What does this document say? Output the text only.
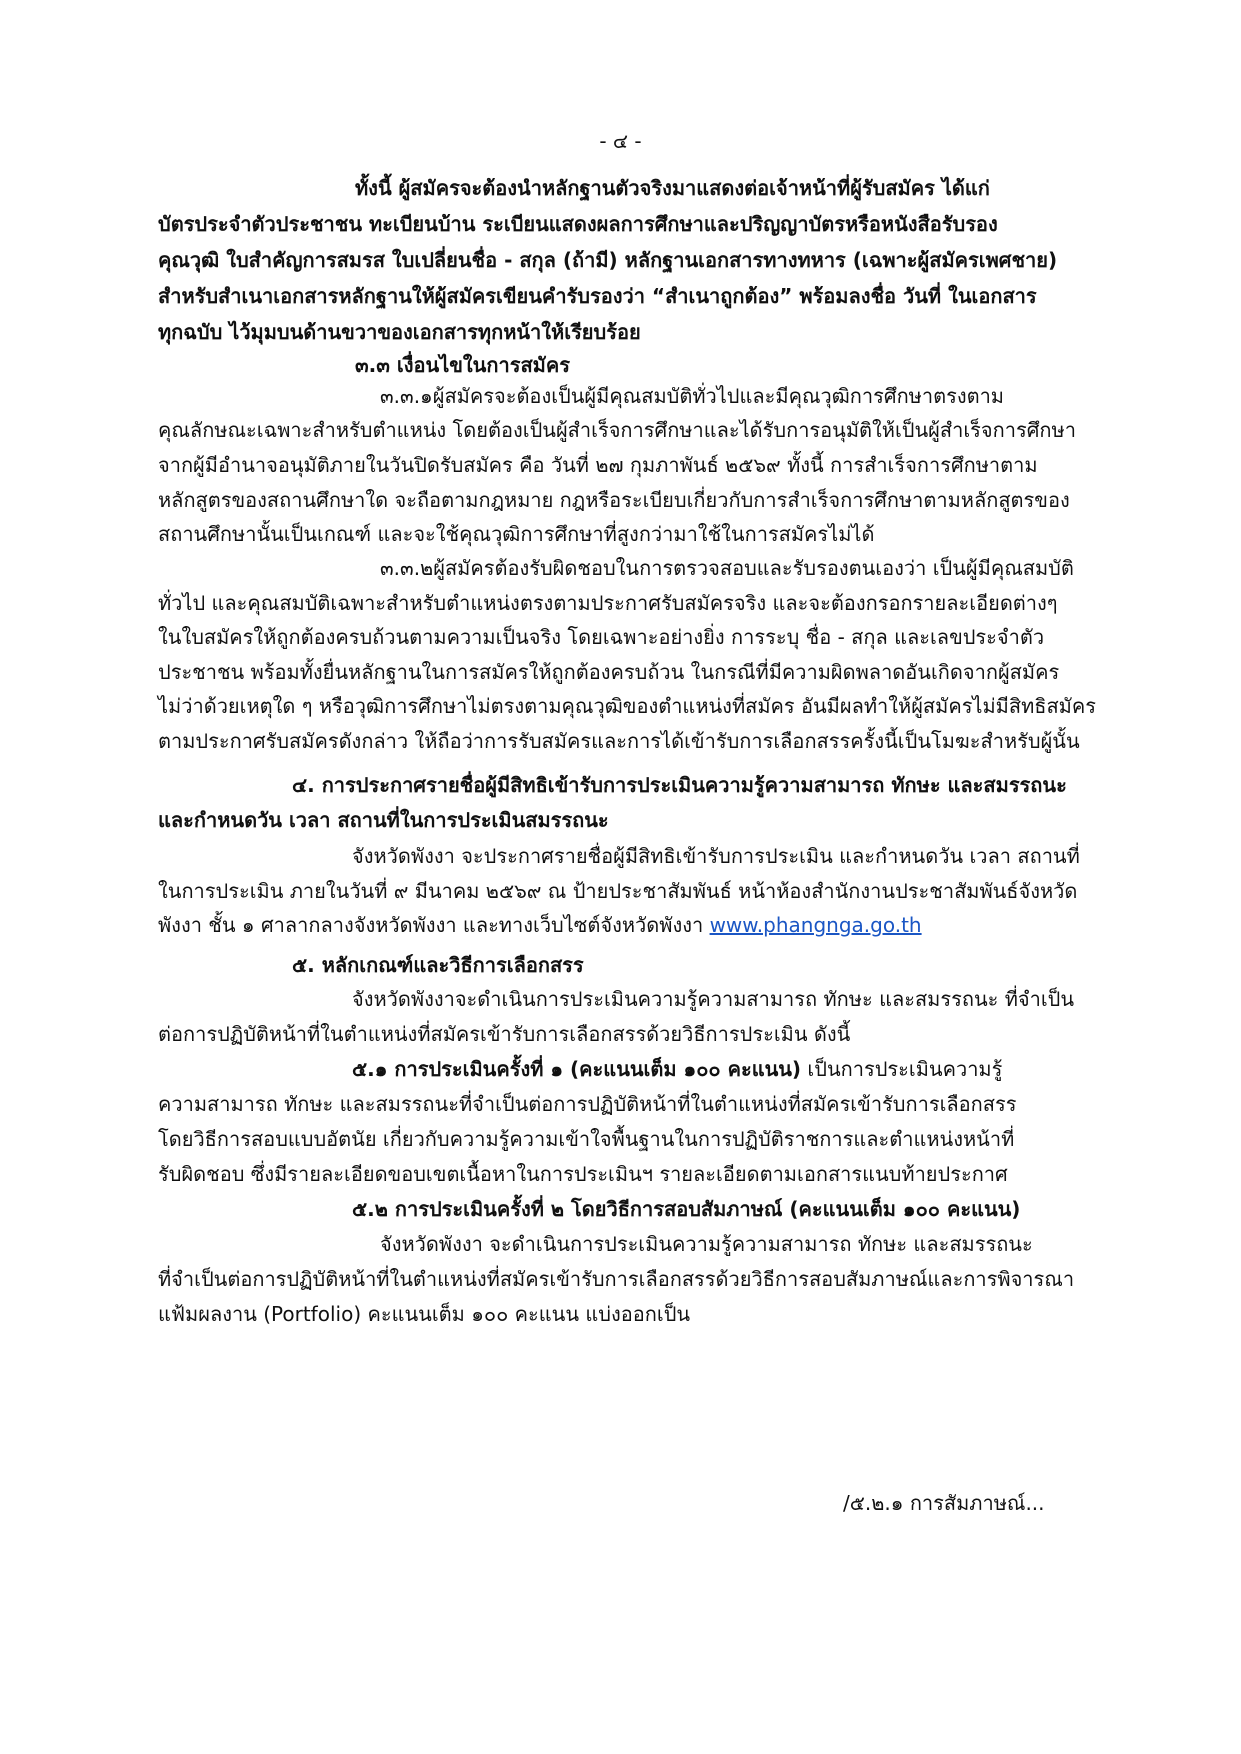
- ๔ -
ทั้งนี้ ผู้สมัครจะต้องนำหลักฐานตัวจริงมาแสดงต่อเจ้าหน้าที่ผู้รับสมัคร ได้แก่
บัตรประจำตัวประชาชน ทะเบียนบ้าน ระเบียนแสดงผลการศึกษาและปริญญาบัตรหรือหนังสือรับรอง
คุณวุฒิ ใบสำคัญการสมรส ใบเปลี่ยนชื่อ - สกุล (ถ้ามี) หลักฐานเอกสารทางทหาร (เฉพาะผู้สมัครเพศชาย)
สำหรับสำเนาเอกสารหลักฐานให้ผู้สมัครเขียนคำรับรองว่า “สำเนาถูกต้อง” พร้อมลงชื่อ วันที่ ในเอกสาร
ทุกฉบับ ไว้มุมบนด้านขวาของเอกสารทุกหน้าให้เรียบร้อย
๓.๓ เงื่อนไขในการสมัคร
๓.๓.๑ผู้สมัครจะต้องเป็นผู้มีคุณสมบัติทั่วไปและมีคุณวุฒิการศึกษาตรงตาม
คุณลักษณะเฉพาะสำหรับตำแหน่ง โดยต้องเป็นผู้สำเร็จการศึกษาและได้รับการอนุมัติให้เป็นผู้สำเร็จการศึกษา
จากผู้มีอำนาจอนุมัติภายในวันปิดรับสมัคร คือ วันที่ ๒๗ กุมภาพันธ์ ๒๕๖๙ ทั้งนี้ การสำเร็จการศึกษาตาม
หลักสูตรของสถานศึกษาใด จะถือตามกฎหมาย กฎหรือระเบียบเกี่ยวกับการสำเร็จการศึกษาตามหลักสูตรของ
สถานศึกษานั้นเป็นเกณฑ์ และจะใช้คุณวุฒิการศึกษาที่สูงกว่ามาใช้ในการสมัครไม่ได้
๓.๓.๒ผู้สมัครต้องรับผิดชอบในการตรวจสอบและรับรองตนเองว่า เป็นผู้มีคุณสมบัติ
ทั่วไป และคุณสมบัติเฉพาะสำหรับตำแหน่งตรงตามประกาศรับสมัครจริง และจะต้องกรอกรายละเอียดต่างๆ
ในใบสมัครให้ถูกต้องครบถ้วนตามความเป็นจริง โดยเฉพาะอย่างยิ่ง การระบุ ชื่อ - สกุล และเลขประจำตัว
ประชาชน พร้อมทั้งยื่นหลักฐานในการสมัครให้ถูกต้องครบถ้วน ในกรณีที่มีความผิดพลาดอันเกิดจากผู้สมัคร
ไม่ว่าด้วยเหตุใด ๆ หรือวุฒิการศึกษาไม่ตรงตามคุณวุฒิของตำแหน่งที่สมัคร อันมีผลทำให้ผู้สมัครไม่มีสิทธิสมัคร
ตามประกาศรับสมัครดังกล่าว ให้ถือว่าการรับสมัครและการได้เข้ารับการเลือกสรรครั้งนี้เป็นโมฆะสำหรับผู้นั้น
๔. การประกาศรายชื่อผู้มีสิทธิเข้ารับการประเมินความรู้ความสามารถ ทักษะ และสมรรถนะ
และกำหนดวัน เวลา สถานที่ในการประเมินสมรรถนะ
จังหวัดพังงา จะประกาศรายชื่อผู้มีสิทธิเข้ารับการประเมิน และกำหนดวัน เวลา สถานที่
ในการประเมิน ภายในวันที่ ๙ มีนาคม ๒๕๖๙ ณ ป้ายประชาสัมพันธ์ หน้าห้องสำนักงานประชาสัมพันธ์จังหวัด
พังงา ชั้น ๑ ศาลากลางจังหวัดพังงา และทางเว็บไซต์จังหวัดพังงา www.phangnga.go.th
๕. หลักเกณฑ์และวิธีการเลือกสรร
จังหวัดพังงาจะดำเนินการประเมินความรู้ความสามารถ ทักษะ และสมรรถนะ ที่จำเป็น
ต่อการปฏิบัติหน้าที่ในตำแหน่งที่สมัครเข้ารับการเลือกสรรด้วยวิธีการประเมิน ดังนี้
๕.๑ การประเมินครั้งที่ ๑ (คะแนนเต็ม ๑๐๐ คะแนน) เป็นการประเมินความรู้
ความสามารถ ทักษะ และสมรรถนะที่จำเป็นต่อการปฏิบัติหน้าที่ในตำแหน่งที่สมัครเข้ารับการเลือกสรร
โดยวิธีการสอบแบบอัตนัย เกี่ยวกับความรู้ความเข้าใจพื้นฐานในการปฏิบัติราชการและตำแหน่งหน้าที่
รับผิดชอบ ซึ่งมีรายละเอียดขอบเขตเนื้อหาในการประเมินฯ รายละเอียดตามเอกสารแนบท้ายประกาศ
๕.๒ การประเมินครั้งที่ ๒ โดยวิธีการสอบสัมภาษณ์ (คะแนนเต็ม ๑๐๐ คะแนน)
จังหวัดพังงา จะดำเนินการประเมินความรู้ความสามารถ ทักษะ และสมรรถนะ
ที่จำเป็นต่อการปฏิบัติหน้าที่ในตำแหน่งที่สมัครเข้ารับการเลือกสรรด้วยวิธีการสอบสัมภาษณ์และการพิจารณา
แฟ้มผลงาน (Portfolio) คะแนนเต็ม ๑๐๐ คะแนน แบ่งออกเป็น
/๕.๒.๑ การสัมภาษณ์...
